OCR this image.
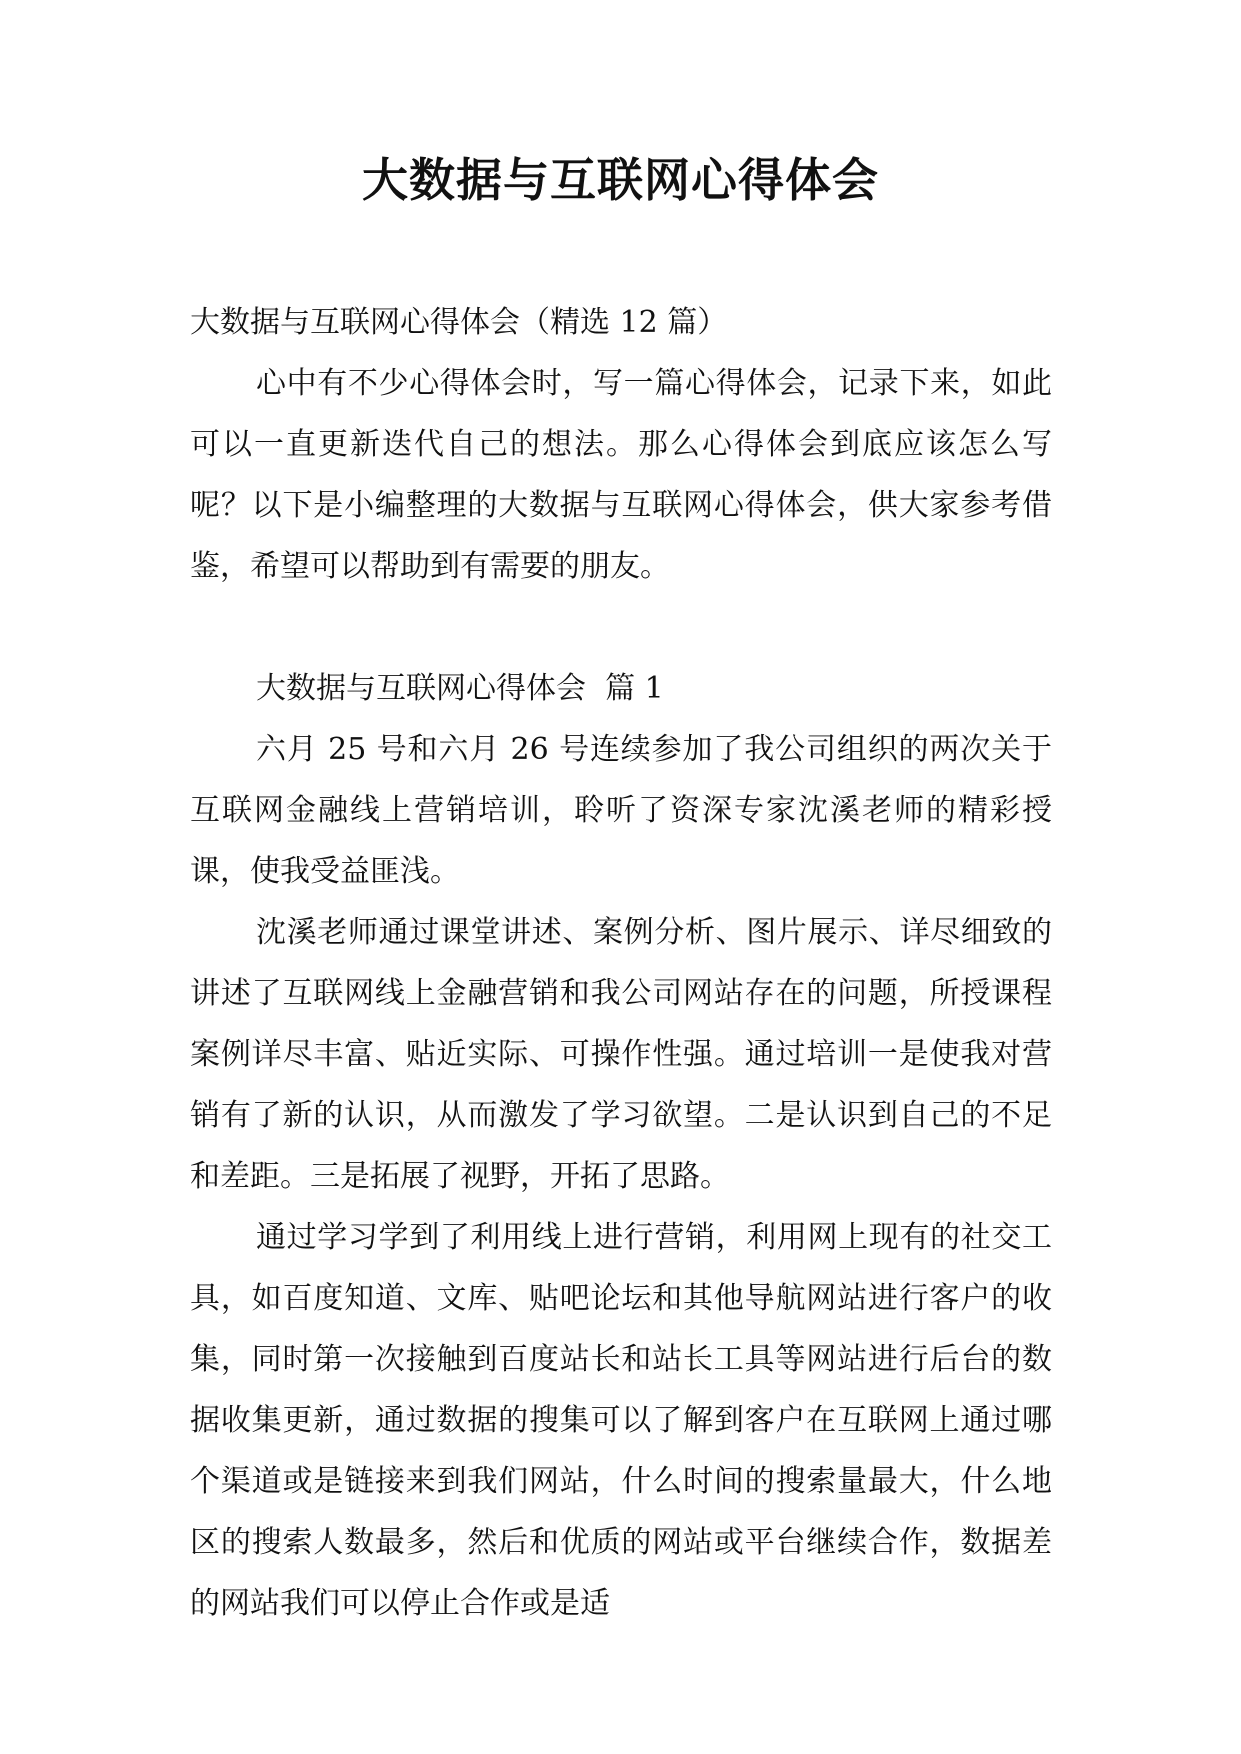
大数据与互联网心得体会

大数据与互联网心得体会（精选 12 篇）

心中有不少心得体会时，写一篇心得体会，记录下来，如此可以一直更新迭代自己的想法。那么心得体会到底应该怎么写呢？以下是小编整理的大数据与互联网心得体会，供大家参考借鉴，希望可以帮助到有需要的朋友。

大数据与互联网心得体会  篇 1

六月 25 号和六月 26 号连续参加了我公司组织的两次关于互联网金融线上营销培训，聆听了资深专家沈溪老师的精彩授课，使我受益匪浅。

沈溪老师通过课堂讲述、案例分析、图片展示、详尽细致的讲述了互联网线上金融营销和我公司网站存在的问题，所授课程案例详尽丰富、贴近实际、可操作性强。通过培训一是使我对营销有了新的认识，从而激发了学习欲望。二是认识到自己的不足和差距。三是拓展了视野，开拓了思路。

通过学习学到了利用线上进行营销，利用网上现有的社交工具，如百度知道、文库、贴吧论坛和其他导航网站进行客户的收集，同时第一次接触到百度站长和站长工具等网站进行后台的数据收集更新，通过数据的搜集可以了解到客户在互联网上通过哪个渠道或是链接来到我们网站，什么时间的搜索量最大，什么地区的搜索人数最多，然后和优质的网站或平台继续合作，数据差的网站我们可以停止合作或是适
